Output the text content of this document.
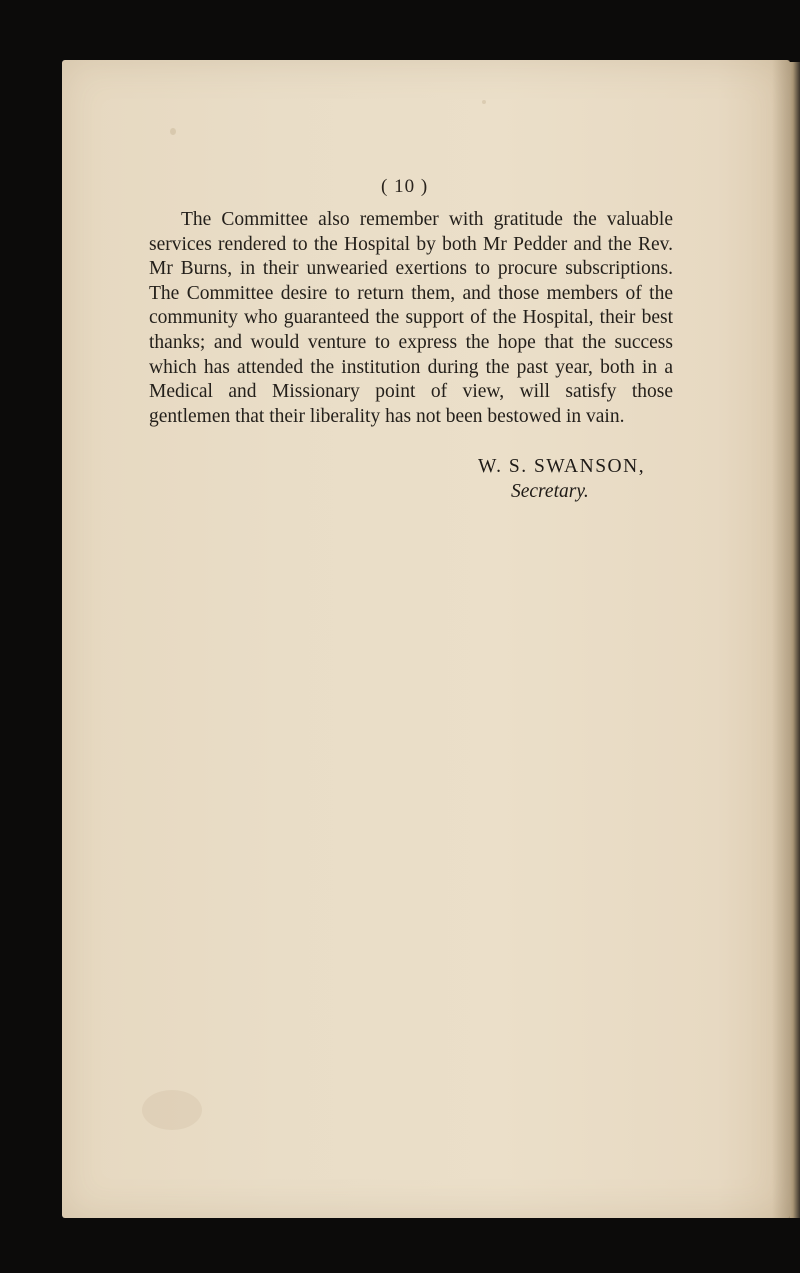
( 10 )

The Committee also remember with gratitude the valuable services rendered to the Hospital by both Mr Pedder and the Rev. Mr Burns, in their unwearied exertions to procure subscriptions. The Committee desire to return them, and those members of the community who guaranteed the support of the Hospital, their best thanks; and would venture to express the hope that the success which has attended the institution during the past year, both in a Medical and Missionary point of view, will satisfy those gentlemen that their liberality has not been bestowed in vain.

W. S. SWANSON,
Secretary.
